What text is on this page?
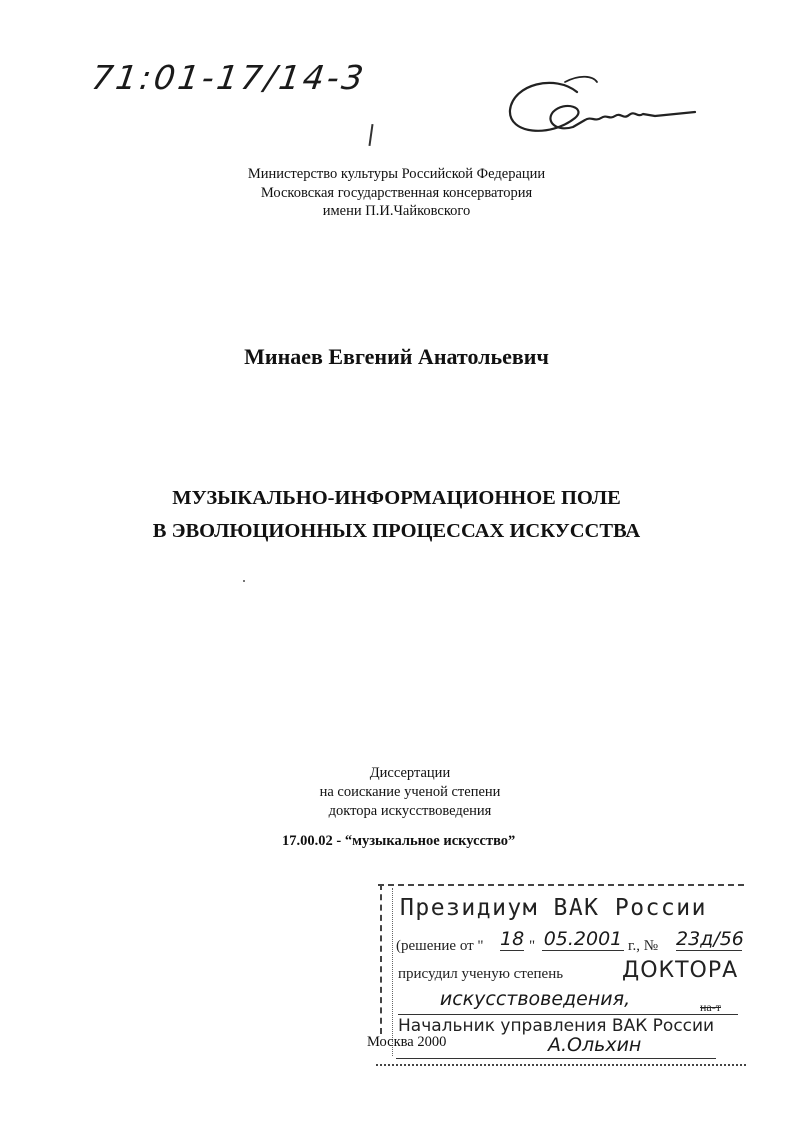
71:01-17/14-3
Министерство культуры Российской Федерации
Московская государственная консерватория
имени П.И.Чайковского
Минаев Евгений Анатольевич
МУЗЫКАЛЬНО-ИНФОРМАЦИОННОЕ ПОЛЕ
В ЭВОЛЮЦИОННЫХ ПРОЦЕССАХ ИСКУССТВА
Диссертации
на соискание ученой степени
доктора искусствоведения
17.00.02 - “музыкальное искусство”
Президиум ВАК России
(решение от " 18 " 05.2001 г., № 23д/56
присудил ученую степень	ДОКТОРА
искусствоведения,	на-т
Начальник управления ВАК России
Москва 2000	А.Ольхин
